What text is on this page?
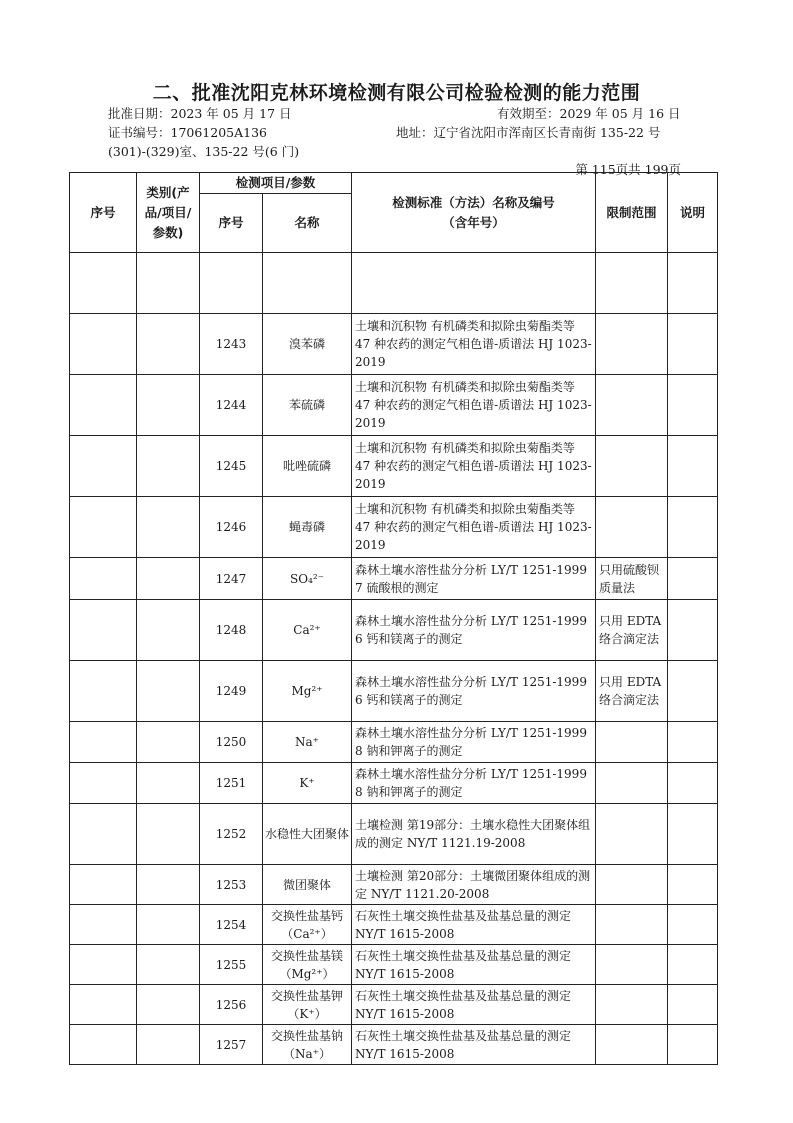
二、批准沈阳克林环境检测有限公司检验检测的能力范围
批准日期：2023 年 05 月 17 日	有效期至：2029 年 05 月 16 日
证书编号：17061205A136	地址：辽宁省沈阳市浑南区长青南街 135-22 号
(301)-(329)室、135-22 号(6 门)
第 115页共 199页
序号	类别(产品/项目/参数)	检测项目/参数		检测标准（方法）名称及编号（含年号）	限制范围	说明
		序号	名称			

		1243	溴苯磷	土壤和沉积物 有机磷类和拟除虫菊酯类等 47 种农药的测定气相色谱-质谱法 HJ 1023-2019		
		1244	苯硫磷	土壤和沉积物 有机磷类和拟除虫菊酯类等 47 种农药的测定气相色谱-质谱法 HJ 1023-2019		
		1245	吡唑硫磷	土壤和沉积物 有机磷类和拟除虫菊酯类等 47 种农药的测定气相色谱-质谱法 HJ 1023-2019		
		1246	蝇毒磷	土壤和沉积物 有机磷类和拟除虫菊酯类等 47 种农药的测定气相色谱-质谱法 HJ 1023-2019		
		1247	SO₄²⁻	森林土壤水溶性盐分分析 LY/T 1251-1999 7 硫酸根的测定	只用硫酸钡质量法	
		1248	Ca²⁺	森林土壤水溶性盐分分析 LY/T 1251-1999 6 钙和镁离子的测定	只用 EDTA 络合滴定法	
		1249	Mg²⁺	森林土壤水溶性盐分分析 LY/T 1251-1999 6 钙和镁离子的测定	只用 EDTA 络合滴定法	
		1250	Na⁺	森林土壤水溶性盐分分析 LY/T 1251-1999 8 钠和钾离子的测定		
		1251	K⁺	森林土壤水溶性盐分分析 LY/T 1251-1999 8 钠和钾离子的测定		
		1252	水稳性大团聚体	土壤检测 第19部分：土壤水稳性大团聚体组成的测定 NY/T 1121.19-2008		
		1253	微团聚体	土壤检测 第20部分：土壤微团聚体组成的测定 NY/T 1121.20-2008		
		1254	交换性盐基钙（Ca²⁺）	石灰性土壤交换性盐基及盐基总量的测定 NY/T 1615-2008		
		1255	交换性盐基镁（Mg²⁺）	石灰性土壤交换性盐基及盐基总量的测定 NY/T 1615-2008		
		1256	交换性盐基钾（K⁺）	石灰性土壤交换性盐基及盐基总量的测定 NY/T 1615-2008		
		1257	交换性盐基钠（Na⁺）	石灰性土壤交换性盐基及盐基总量的测定 NY/T 1615-2008		
